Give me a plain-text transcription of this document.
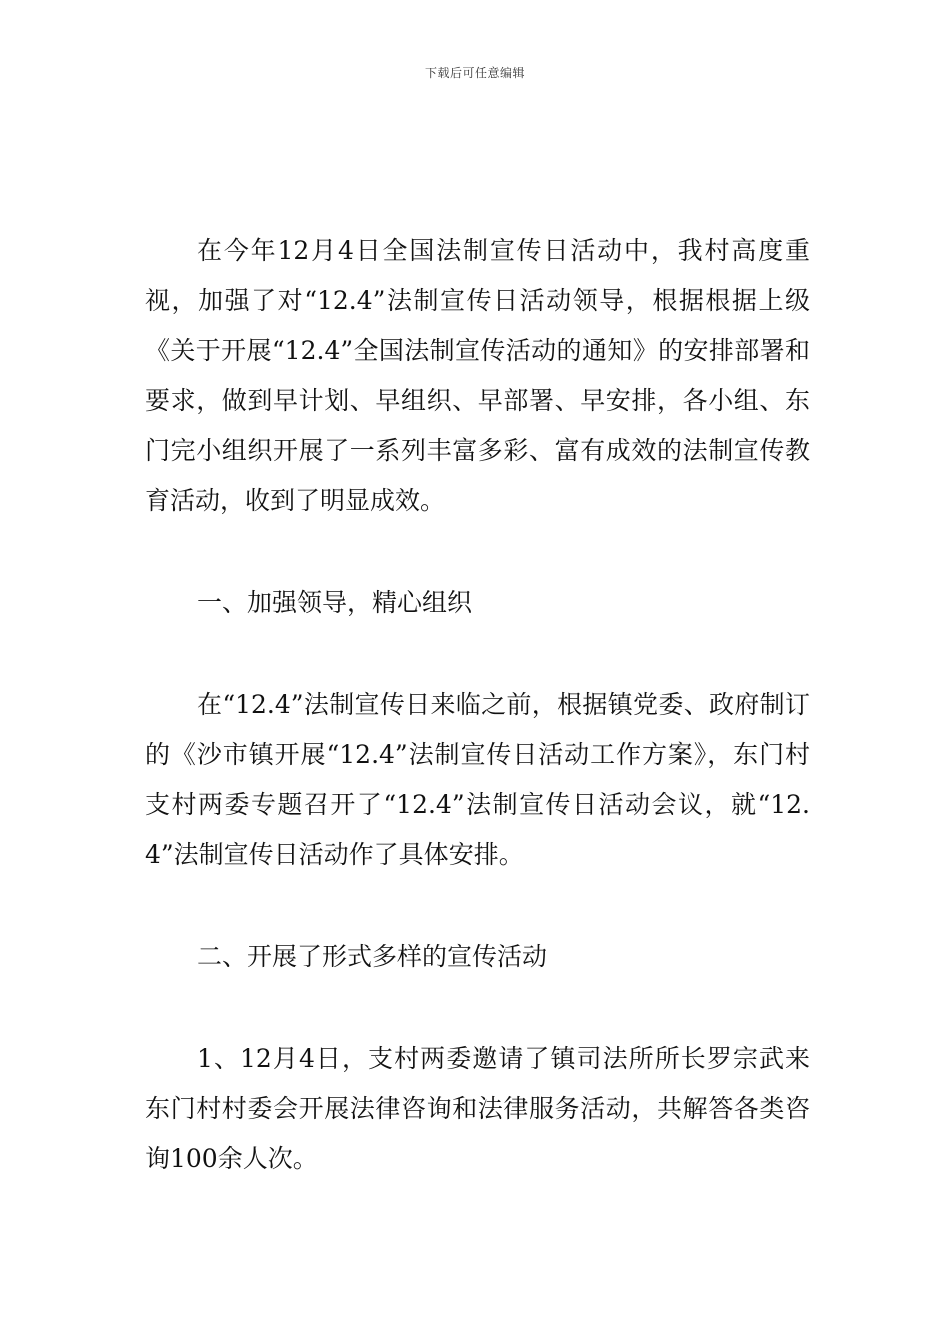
下载后可任意编辑

在今年12月4日全国法制宣传日活动中，我村高度重视，加强了对“12.4”法制宣传日活动领导，根据根据上级《关于开展“12.4”全国法制宣传活动的通知》的安排部署和要求，做到早计划、早组织、早部署、早安排，各小组、东门完小组织开展了一系列丰富多彩、富有成效的法制宣传教育活动，收到了明显成效。

一、加强领导，精心组织

在“12.4”法制宣传日来临之前，根据镇党委、政府制订的《沙市镇开展“12.4”法制宣传日活动工作方案》，东门村支村两委专题召开了“12.4”法制宣传日活动会议，就“12.4”法制宣传日活动作了具体安排。

二、开展了形式多样的宣传活动

1、12月4日，支村两委邀请了镇司法所所长罗宗武来东门村村委会开展法律咨询和法律服务活动，共解答各类咨询100余人次。
